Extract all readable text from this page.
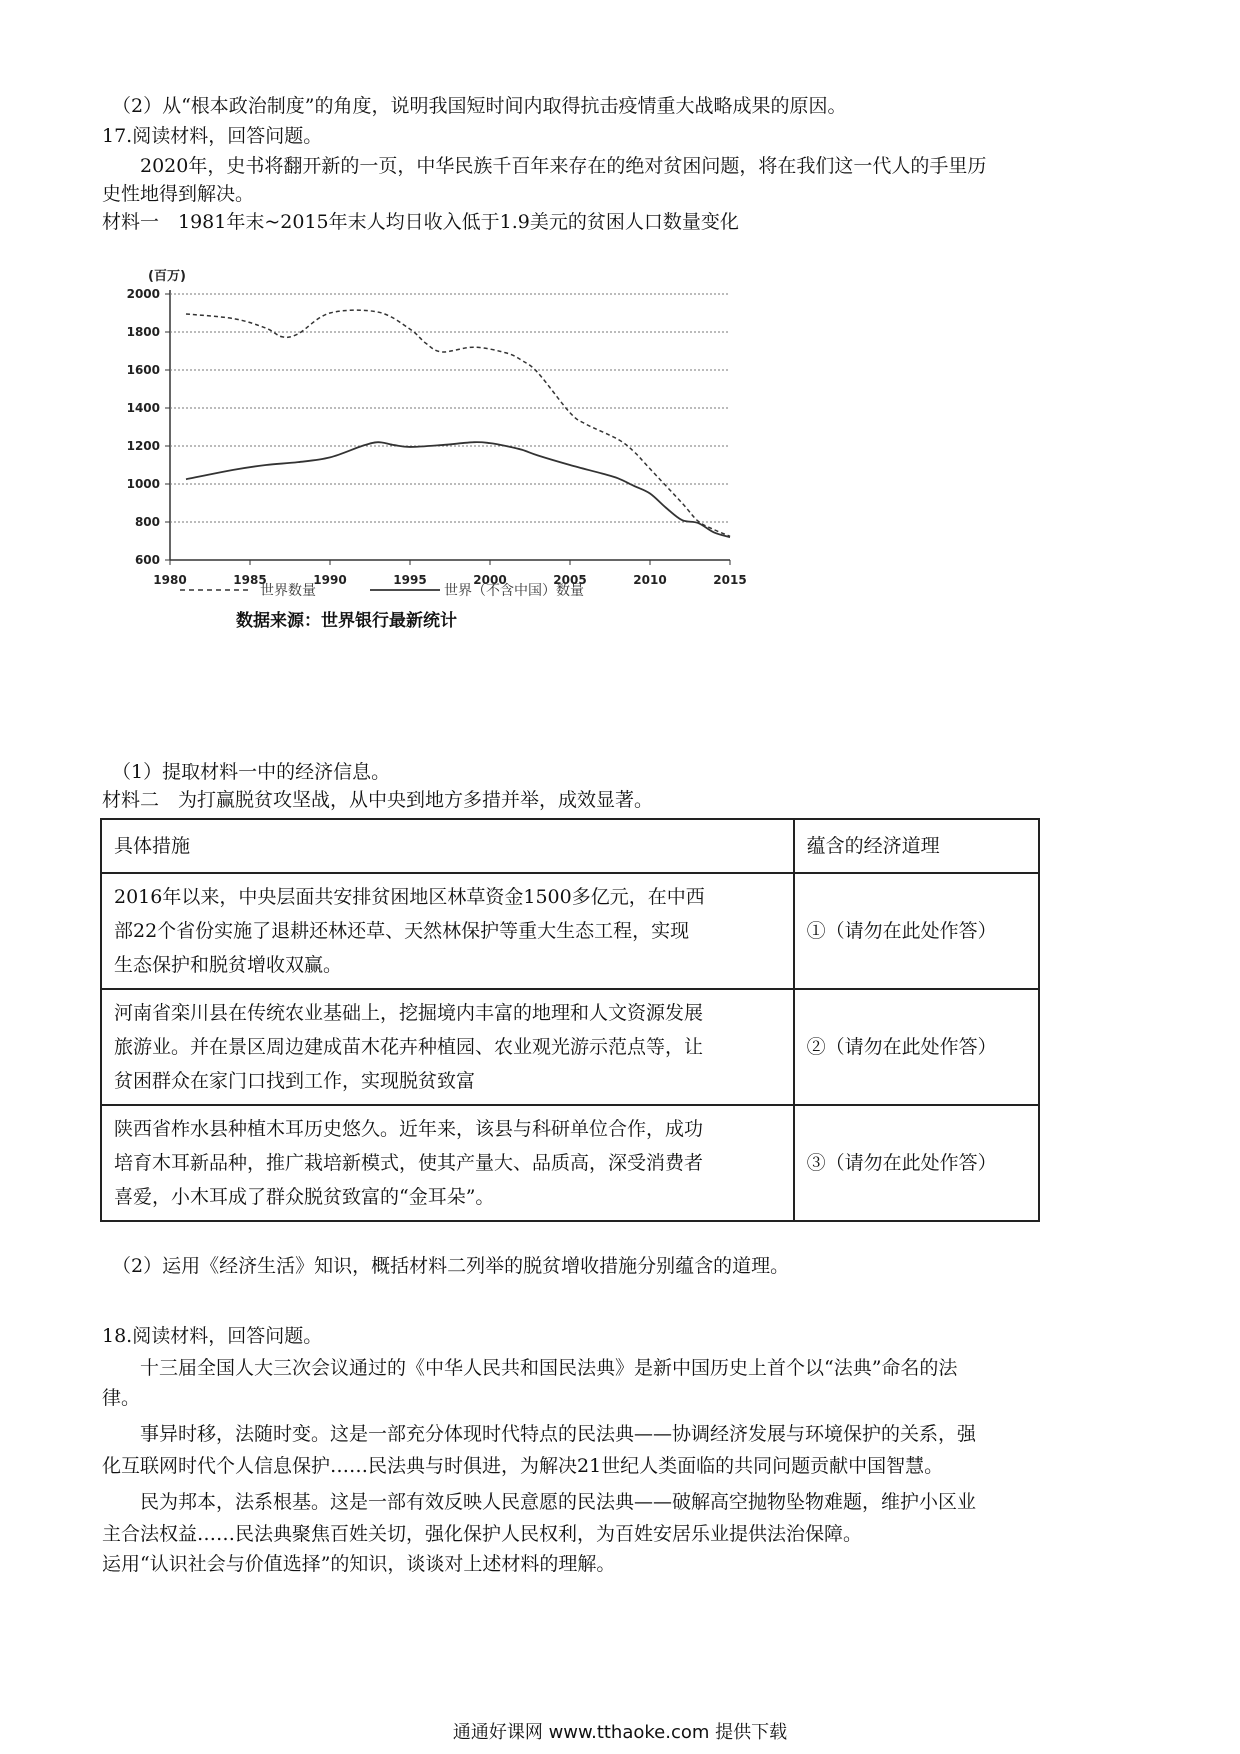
（2）从“根本政治制度”的角度，说明我国短时间内取得抗击疫情重大战略成果的原因。
17.阅读材料，回答问题。
2020年，史书将翻开新的一页，中华民族千百年来存在的绝对贫困问题，将在我们这一代人的手里历
史性地得到解决。
材料一　1981年末~2015年末人均日收入低于1.9美元的贫困人口数量变化
(百万)
600
800
1000
1200
1400
1600
1800
2000
1980	1985	1990	1995	2000	2005	2010	2015
世界数量	世界（不含中国）数量
数据来源：世界银行最新统计
（1）提取材料一中的经济信息。
材料二　为打赢脱贫攻坚战，从中央到地方多措并举，成效显著。
具体措施	蕴含的经济道理

2016年以来，中央层面共安排贫困地区林草资金1500多亿元，在中西
部22个省份实施了退耕还林还草、天然林保护等重大生态工程，实现
生态保护和脱贫增收双赢。	①（请勿在此处作答）

河南省栾川县在传统农业基础上，挖掘境内丰富的地理和人文资源发展
旅游业。并在景区周边建成苗木花卉种植园、农业观光游示范点等，让
贫困群众在家门口找到工作，实现脱贫致富	②（请勿在此处作答）

陕西省柞水县种植木耳历史悠久。近年来，该县与科研单位合作，成功
培育木耳新品种，推广栽培新模式，使其产量大、品质高，深受消费者
喜爱，小木耳成了群众脱贫致富的“金耳朵”。	③（请勿在此处作答）
（2）运用《经济生活》知识，概括材料二列举的脱贫增收措施分别蕴含的道理。
18.阅读材料，回答问题。
十三届全国人大三次会议通过的《中华人民共和国民法典》是新中国历史上首个以“法典”命名的法
律。
事异时移，法随时变。这是一部充分体现时代特点的民法典——协调经济发展与环境保护的关系，强
化互联网时代个人信息保护……民法典与时俱进，为解决21世纪人类面临的共同问题贡献中国智慧。
民为邦本，法系根基。这是一部有效反映人民意愿的民法典——破解高空抛物坠物难题，维护小区业
主合法权益……民法典聚焦百姓关切，强化保护人民权利，为百姓安居乐业提供法治保障。
运用“认识社会与价值选择”的知识，谈谈对上述材料的理解。
通通好课网 www.tthaoke.com 提供下载
